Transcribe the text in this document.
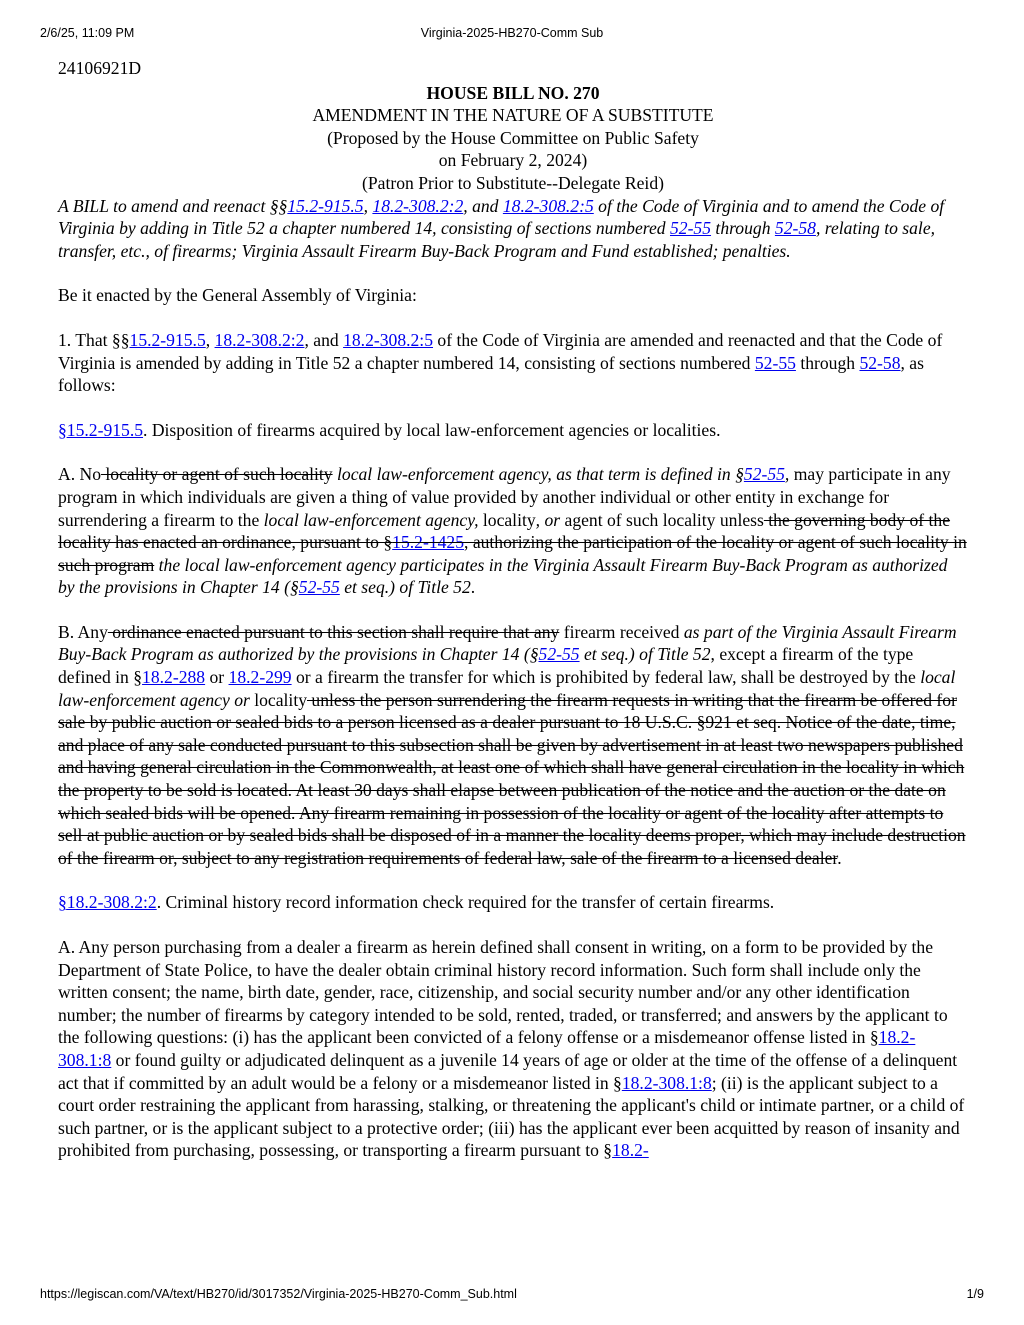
2/6/25, 11:09 PM	Virginia-2025-HB270-Comm Sub
24106921D
HOUSE BILL NO. 270
AMENDMENT IN THE NATURE OF A SUBSTITUTE
(Proposed by the House Committee on Public Safety
on February 2, 2024)
(Patron Prior to Substitute--Delegate Reid)

A BILL to amend and reenact §§15.2-915.5, 18.2-308.2:2, and 18.2-308.2:5 of the Code of Virginia and to amend the Code of Virginia by adding in Title 52 a chapter numbered 14, consisting of sections numbered 52-55 through 52-58, relating to sale, transfer, etc., of firearms; Virginia Assault Firearm Buy-Back Program and Fund established; penalties.

Be it enacted by the General Assembly of Virginia:

1. That §§15.2-915.5, 18.2-308.2:2, and 18.2-308.2:5 of the Code of Virginia are amended and reenacted and that the Code of Virginia is amended by adding in Title 52 a chapter numbered 14, consisting of sections numbered 52-55 through 52-58, as follows:

§15.2-915.5. Disposition of firearms acquired by local law-enforcement agencies or localities.

A. No locality or agent of such locality local law-enforcement agency, as that term is defined in §52-55, may participate in any program in which individuals are given a thing of value provided by another individual or other entity in exchange for surrendering a firearm to the local law-enforcement agency, locality, or agent of such locality unless the governing body of the locality has enacted an ordinance, pursuant to §15.2-1425, authorizing the participation of the locality or agent of such locality in such program the local law-enforcement agency participates in the Virginia Assault Firearm Buy-Back Program as authorized by the provisions in Chapter 14 (§52-55 et seq.) of Title 52.

B. Any ordinance enacted pursuant to this section shall require that any firearm received as part of the Virginia Assault Firearm Buy-Back Program as authorized by the provisions in Chapter 14 (§52-55 et seq.) of Title 52, except a firearm of the type defined in §18.2-288 or 18.2-299 or a firearm the transfer for which is prohibited by federal law, shall be destroyed by the local law-enforcement agency or locality unless the person surrendering the firearm requests in writing that the firearm be offered for sale by public auction or sealed bids to a person licensed as a dealer pursuant to 18 U.S.C. §921 et seq. Notice of the date, time, and place of any sale conducted pursuant to this subsection shall be given by advertisement in at least two newspapers published and having general circulation in the Commonwealth, at least one of which shall have general circulation in the locality in which the property to be sold is located. At least 30 days shall elapse between publication of the notice and the auction or the date on which sealed bids will be opened. Any firearm remaining in possession of the locality or agent of the locality after attempts to sell at public auction or by sealed bids shall be disposed of in a manner the locality deems proper, which may include destruction of the firearm or, subject to any registration requirements of federal law, sale of the firearm to a licensed dealer.

§18.2-308.2:2. Criminal history record information check required for the transfer of certain firearms.

A. Any person purchasing from a dealer a firearm as herein defined shall consent in writing, on a form to be provided by the Department of State Police, to have the dealer obtain criminal history record information. Such form shall include only the written consent; the name, birth date, gender, race, citizenship, and social security number and/or any other identification number; the number of firearms by category intended to be sold, rented, traded, or transferred; and answers by the applicant to the following questions: (i) has the applicant been convicted of a felony offense or a misdemeanor offense listed in §18.2-308.1:8 or found guilty or adjudicated delinquent as a juvenile 14 years of age or older at the time of the offense of a delinquent act that if committed by an adult would be a felony or a misdemeanor listed in §18.2-308.1:8; (ii) is the applicant subject to a court order restraining the applicant from harassing, stalking, or threatening the applicant's child or intimate partner, or a child of such partner, or is the applicant subject to a protective order; (iii) has the applicant ever been acquitted by reason of insanity and prohibited from purchasing, possessing, or transporting a firearm pursuant to §18.2-

https://legiscan.com/VA/text/HB270/id/3017352/Virginia-2025-HB270-Comm_Sub.html	1/9
